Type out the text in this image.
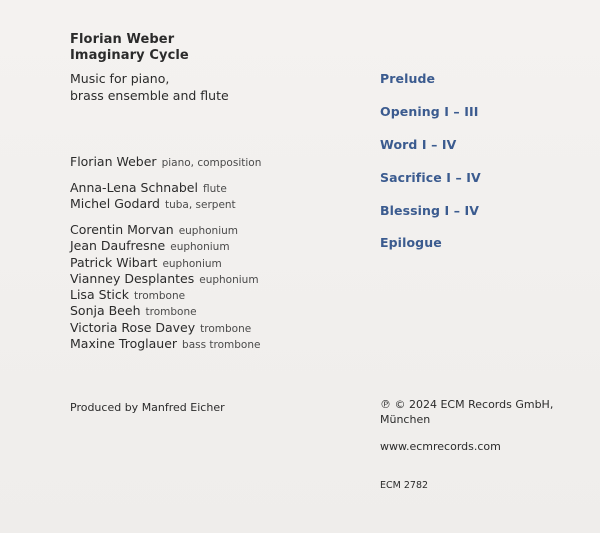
Florian Weber
Imaginary Cycle
Music for piano,
brass ensemble and flute
Florian Weber piano, composition
Anna-Lena Schnabel flute
Michel Godard tuba, serpent
Corentin Morvan euphonium
Jean Daufresne euphonium
Patrick Wibart euphonium
Vianney Desplantes euphonium
Lisa Stick trombone
Sonja Beeh trombone
Victoria Rose Davey trombone
Maxine Troglauer bass trombone
Produced by Manfred Eicher
Prelude
Opening I – III
Word I – IV
Sacrifice I – IV
Blessing I – IV
Epilogue
℗ © 2024 ECM Records GmbH,
München
www.ecmrecords.com
ECM 2782
